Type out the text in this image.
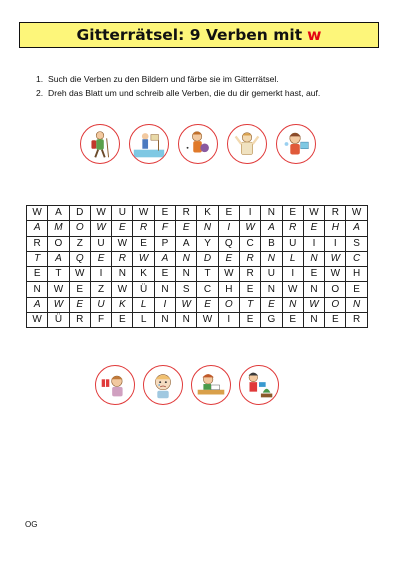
Gitterrätsel: 9 Verben mit w
1. Such die Verben zu den Bildern und färbe sie im Gitterrätsel.
2. Dreh das Blatt um und schreib alle Verben, die du dir gemerkt hast, auf.
W	A	D	W	U	W	E	R	K	E	I	N	E	W	R	W
A	M	O	W	E	R	F	E	N	I	W	A	R	E	H	A
R	O	Z	U	W	E	P	A	Y	Q	C	B	U	I	I	S
T	A	Q	E	R	W	A	N	D	E	R	N	L	N	W	C
E	T	W	I	N	K	E	N	T	W	R	U	I	E	W	H
N	W	E	Z	W	Ü	N	S	C	H	E	N	W	N	O	E
A	W	E	U	K	L	I	W	E	O	T	E	N	W	O	N
W	Ü	R	F	E	L	N	N	W	I	E	G	E	N	E	R
OG
